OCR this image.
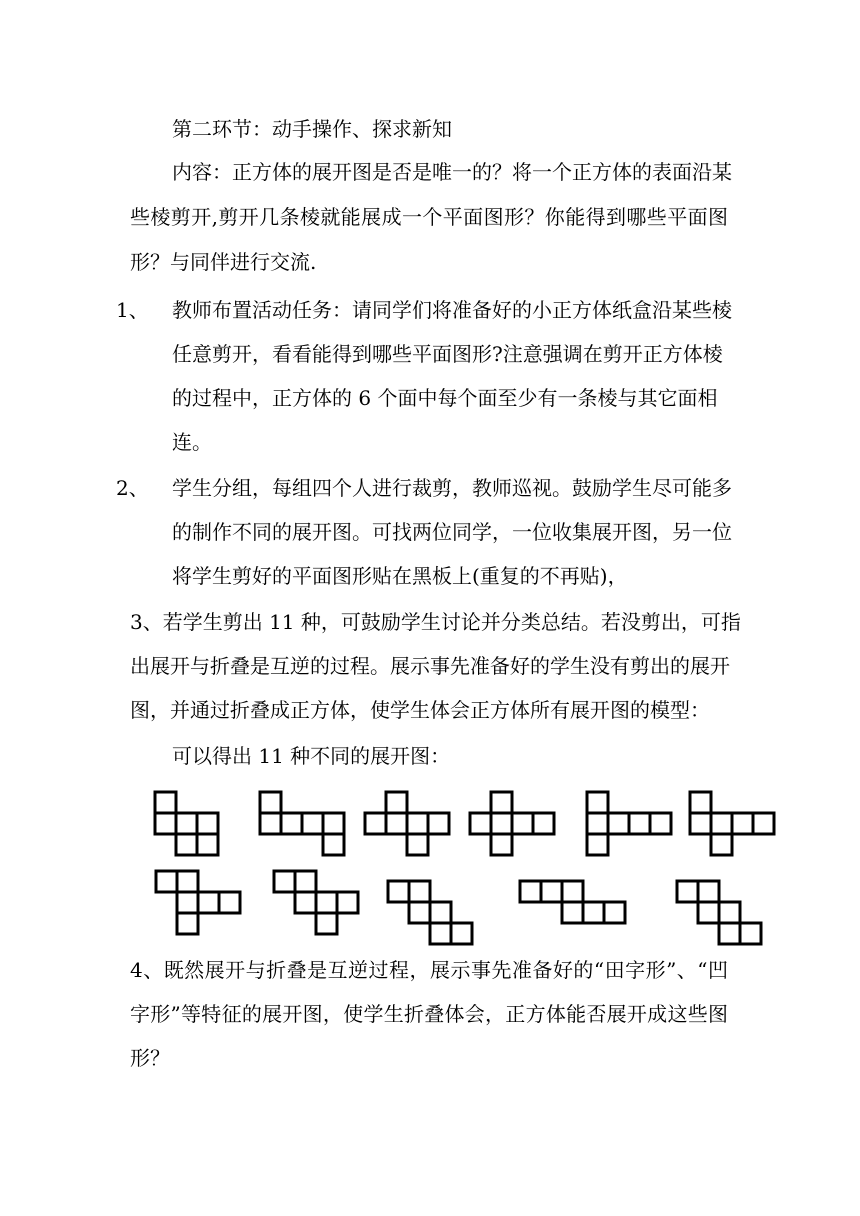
第二环节：动手操作、探求新知

内容：正方体的展开图是否是唯一的？将一个正方体的表面沿某

些棱剪开,剪开几条棱就能展成一个平面图形？你能得到哪些平面图

形？与同伴进行交流.

1、 教师布置活动任务：请同学们将准备好的小正方体纸盒沿某些棱

任意剪开，看看能得到哪些平面图形?注意强调在剪开正方体棱

的过程中，正方体的 6 个面中每个面至少有一条棱与其它面相

连。

2、 学生分组，每组四个人进行裁剪，教师巡视。鼓励学生尽可能多

的制作不同的展开图。可找两位同学，一位收集展开图，另一位

将学生剪好的平面图形贴在黑板上(重复的不再贴)，

3、若学生剪出 11 种，可鼓励学生讨论并分类总结。若没剪出，可指

出展开与折叠是互逆的过程。展示事先准备好的学生没有剪出的展开

图，并通过折叠成正方体，使学生体会正方体所有展开图的模型：

可以得出 11 种不同的展开图：

4、既然展开与折叠是互逆过程，展示事先准备好的“田字形”、“凹

字形”等特征的展开图，使学生折叠体会，正方体能否展开成这些图

形？
